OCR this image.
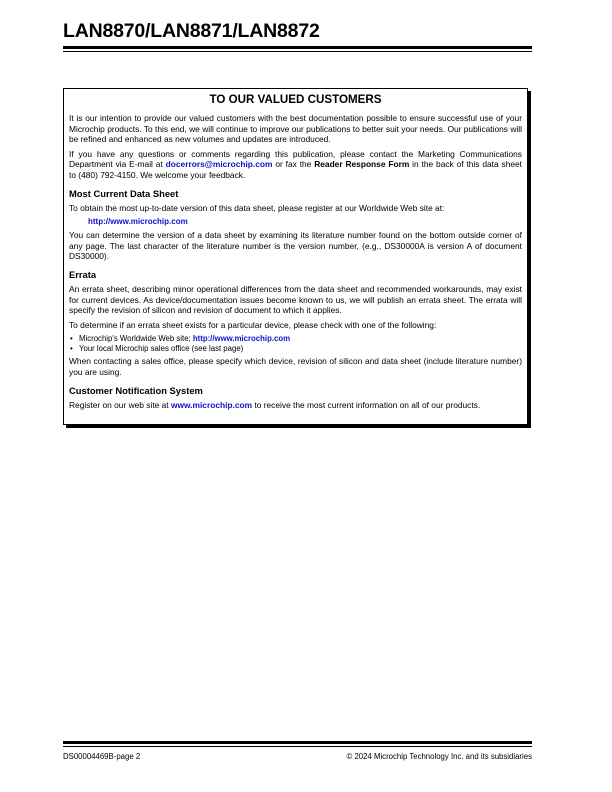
LAN8870/LAN8871/LAN8872
TO OUR VALUED CUSTOMERS

It is our intention to provide our valued customers with the best documentation possible to ensure successful use of your Microchip products. To this end, we will continue to improve our publications to better suit your needs. Our publications will be refined and enhanced as new volumes and updates are introduced.

If you have any questions or comments regarding this publication, please contact the Marketing Communications Department via E-mail at docerrors@microchip.com or fax the Reader Response Form in the back of this data sheet to (480) 792-4150. We welcome your feedback.

Most Current Data Sheet

To obtain the most up-to-date version of this data sheet, please register at our Worldwide Web site at:

http://www.microchip.com

You can determine the version of a data sheet by examining its literature number found on the bottom outside corner of any page. The last character of the literature number is the version number, (e.g., DS30000A is version A of document DS30000).

Errata

An errata sheet, describing minor operational differences from the data sheet and recommended workarounds, may exist for current devices. As device/documentation issues become known to us, we will publish an errata sheet. The errata will specify the revision of silicon and revision of document to which it applies.

To determine if an errata sheet exists for a particular device, please check with one of the following:

• Microchip's Worldwide Web site; http://www.microchip.com
• Your local Microchip sales office (see last page)

When contacting a sales office, please specify which device, revision of silicon and data sheet (include literature number) you are using.

Customer Notification System

Register on our web site at www.microchip.com to receive the most current information on all of our products.

DS00004469B-page 2	© 2024 Microchip Technology Inc. and its subsidiaries
